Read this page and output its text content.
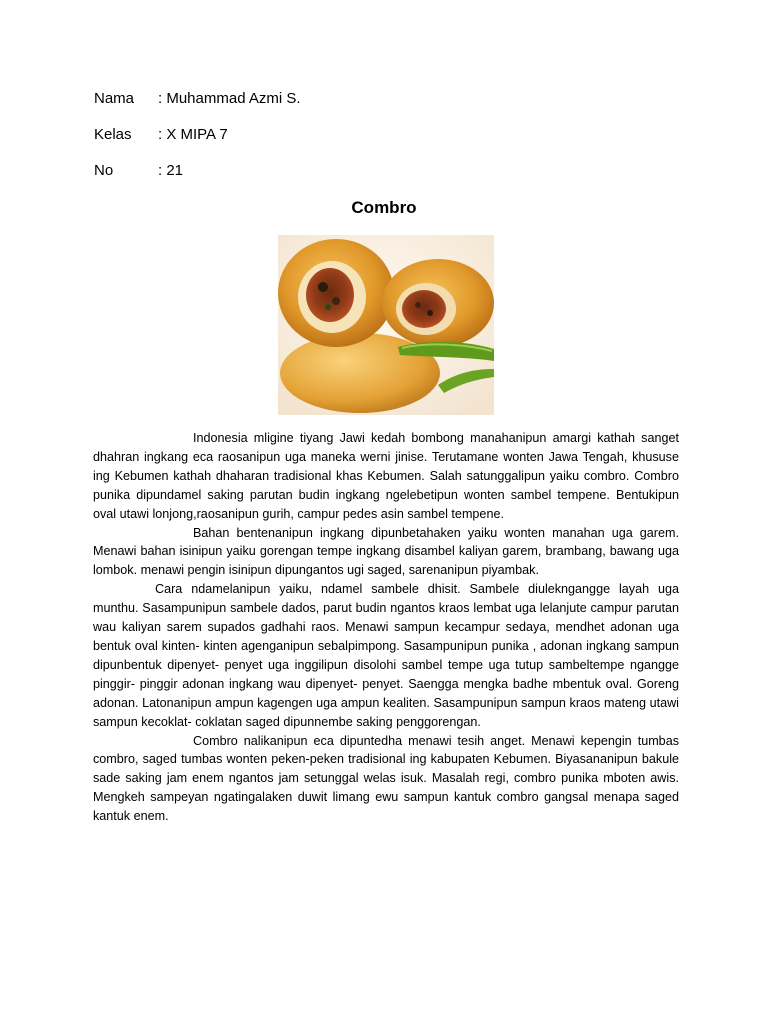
Nama	: Muhammad Azmi S.
Kelas	: X MIPA 7
No	: 21
Combro

Indonesia mligine tiyang Jawi kedah bombong manahanipun amargi kathah sanget dhahran ingkang eca raosanipun uga maneka werni jinise. Terutamane wonten Jawa Tengah, khususe ing Kebumen kathah dhaharan tradisional khas Kebumen. Salah satunggalipun yaiku combro. Combro punika dipundamel saking parutan budin ingkang ngelebetipun wonten sambel tempene. Bentukipun oval utawi lonjong,raosanipun gurih, campur pedes asin sambel tempene.

Bahan bentenanipun ingkang dipunbetahaken yaiku wonten manahan uga garem. Menawi bahan isinipun yaiku gorengan tempe ingkang disambel kaliyan garem, brambang, bawang uga lombok. menawi pengin isinipun dipungantos ugi saged, sarenanipun piyambak.

Cara ndamelanipun yaiku, ndamel sambele dhisit. Sambele diuleknganggе layah uga munthu. Sasampunipun sambele dados, parut budin ngantos kraos lembat uga lelanjute campur parutan wau kaliyan sarem supados gadhahi raos. Menawi sampun kecampur sedaya, mendhet adonan uga bentuk oval kinten- kinten agenganipun sebalpimpong. Sasampunipun punika , adonan ingkang sampun dipunbentuk dipenyet- penyet uga inggilipun disolohi sambel tempe uga tutup sambeltempe ngangge pinggir- pinggir adonan ingkang wau dipenyet- penyet. Saengga mengka badhe mbentuk oval. Goreng adonan. Latonanipun ampun kagengen uga ampun kealiten. Sasampunipun sampun kraos mateng utawi sampun kecoklat- coklatan saged dipunnembe saking penggorengan.

Combro nalikanipun eca dipuntedha menawi tesih anget. Menawi kepengin tumbas combro, saged tumbas wonten peken-peken tradisional ing kabupaten Kebumen. Biyasananipun bakule sade saking jam enem ngantos jam setunggal welas isuk. Masalah regi, combro punika mboten awis. Mengkeh sampeyan ngatingalaken duwit limang ewu sampun kantuk combro gangsal menapa saged kantuk enem.
